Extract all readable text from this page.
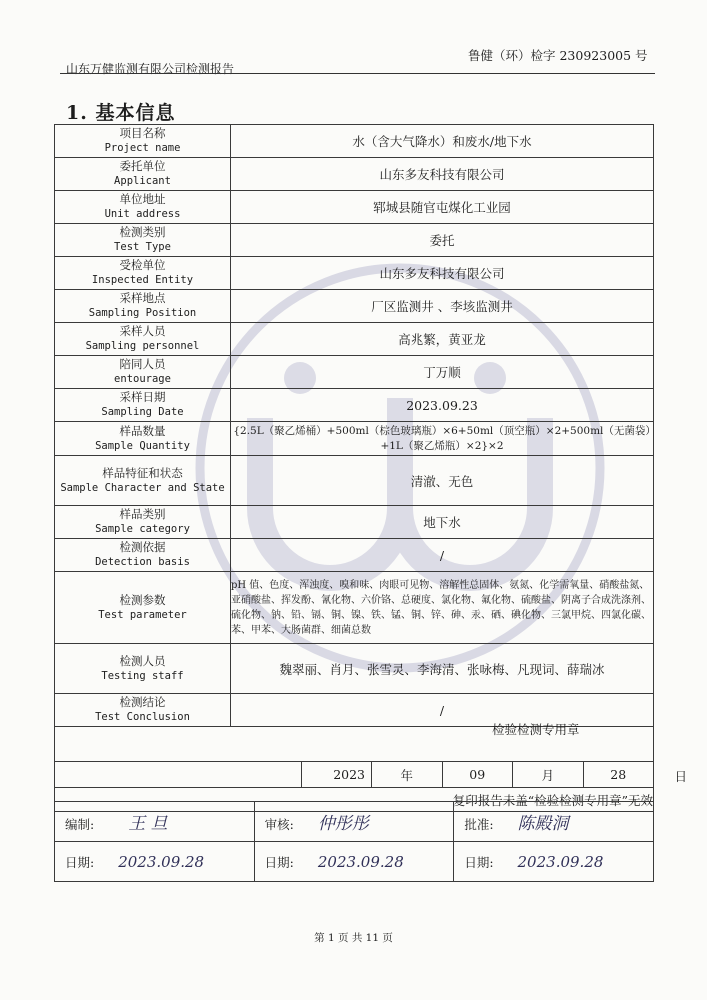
山东万健监测有限公司检测报告
鲁健（环）检字 230923005 号
1. 基本信息
项目名称
Project name	水（含大气降水）和废水/地下水					
委托单位
Applicant	山东多友科技有限公司					
单位地址
Unit address	郓城县随官屯煤化工业园					
检测类别
Test Type	委托					
受检单位
Inspected Entity	山东多友科技有限公司					
采样地点
Sampling Position	厂区监测井 、李垓监测井					
采样人员
Sampling personnel	高兆繁，黄亚龙					
陪同人员
entourage	丁万顺					
采样日期
Sampling Date	2023.09.23					
样品数量
Sample Quantity	{2.5L（聚乙烯桶）+500ml（棕色玻璃瓶）×6+50ml（顶空瓶）×2+500ml（无菌袋）+1L（聚乙烯瓶）×2}×2					
样品特征和状态
Sample Character and State	清澈、无色					
样品类别
Sample category	地下水					
检测依据
Detection basis	/					
检测参数
Test parameter	pH 值、色度、浑浊度、嗅和味、肉眼可见物、溶解性总固体、氨氮、化学需氧量、硝酸盐氮、亚硝酸盐、挥发酚、氰化物、六价铬、总硬度、氯化物、氟化物、硫酸盐、阴离子合成洗涤剂、硫化物、钠、铅、镉、铜、镍、铁、锰、铜、锌、砷、汞、硒、碘化物、三氯甲烷、四氯化碳、苯、甲苯、大肠菌群、细菌总数					
检测人员
Testing staff	魏翠丽、肖月、张雪灵、李海清、张咏梅、凡现词、薛瑞冰					
检测结论
Test Conclusion	/					

		2023	年	09	月	28 日

复印报告未盖“检验检测专用章”无效						
检验检测专用章
编制: 王 旦	审核: 仲彤彤	批准: 陈殿洞
日期: 2023.09.28	日期: 2023.09.28	日期: 2023.09.28
第 1 页 共 11 页
